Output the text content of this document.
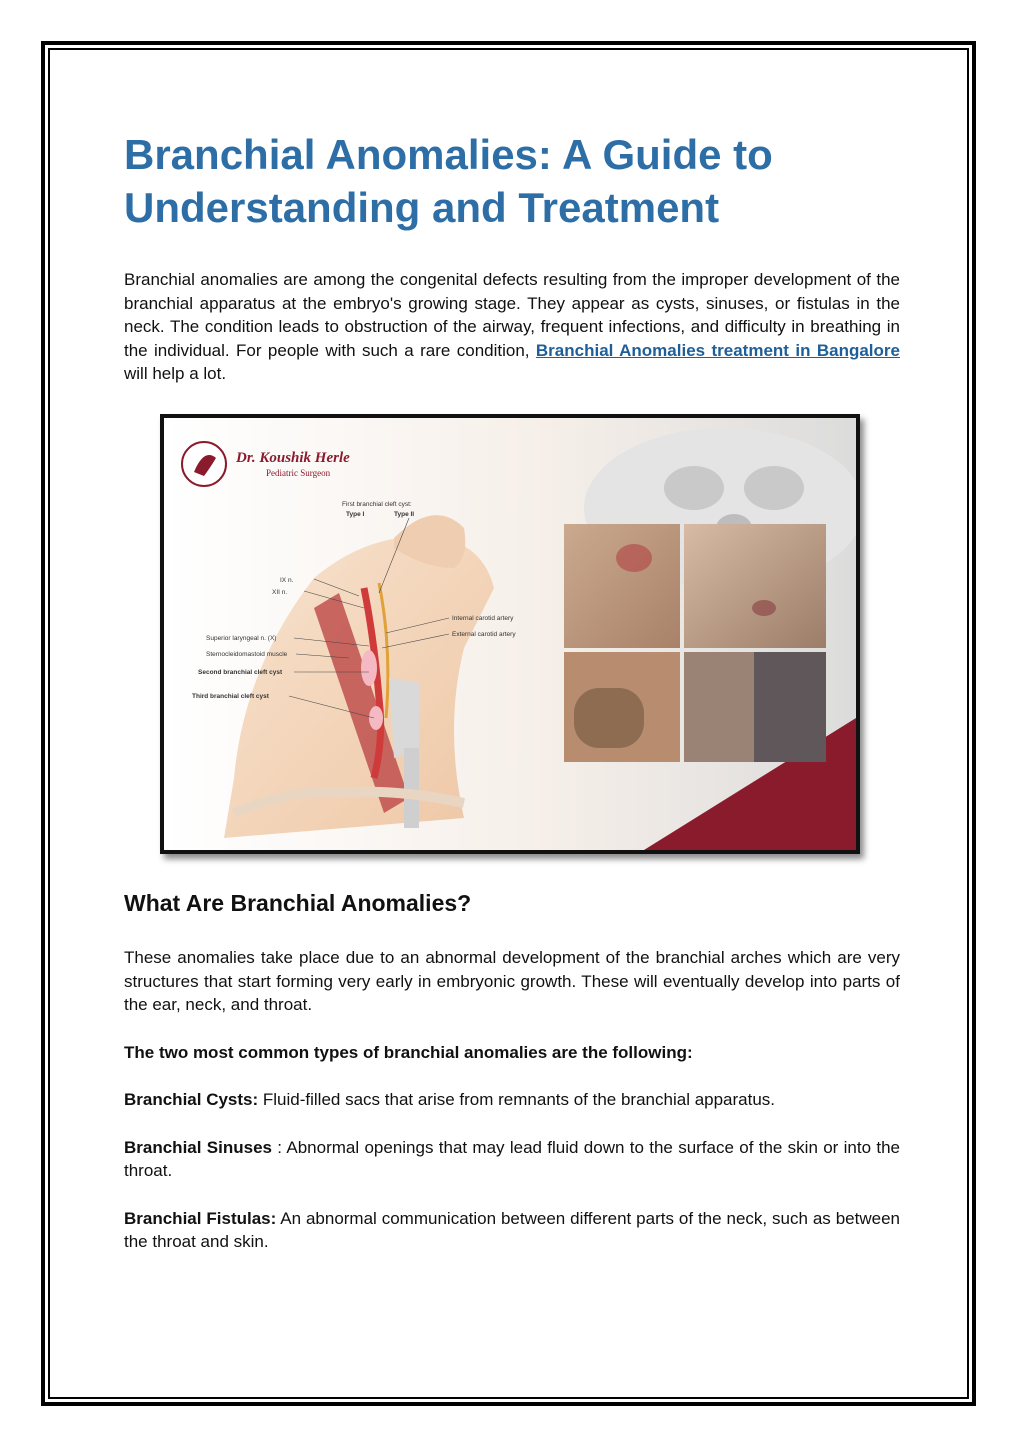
Branchial Anomalies: A Guide to Understanding and Treatment

Branchial anomalies are among the congenital defects resulting from the improper development of the branchial apparatus at the embryo's growing stage. They appear as cysts, sinuses, or fistulas in the neck. The condition leads to obstruction of the airway, frequent infections, and difficulty in breathing in the individual. For people with such a rare condition, Branchial Anomalies treatment in Bangalore will help a lot.

Dr. Koushik Herle
Pediatric Surgeon
First branchial cleft cyst:
Type I	Type II
IX n.
XII n.
Internal carotid artery
External carotid artery
Superior laryngeal n. (X)
Sternocleidomastoid muscle
Second branchial cleft cyst
Third branchial cleft cyst
What Are Branchial Anomalies?

These anomalies take place due to an abnormal development of the branchial arches which are very structures that start forming very early in embryonic growth. These will eventually develop into parts of the ear, neck, and throat.

The two most common types of branchial anomalies are the following:

Branchial Cysts: Fluid-filled sacs that arise from remnants of the branchial apparatus.

Branchial Sinuses : Abnormal openings that may lead fluid down to the surface of the skin or into the throat.

Branchial Fistulas: An abnormal communication between different parts of the neck, such as between the throat and skin.
